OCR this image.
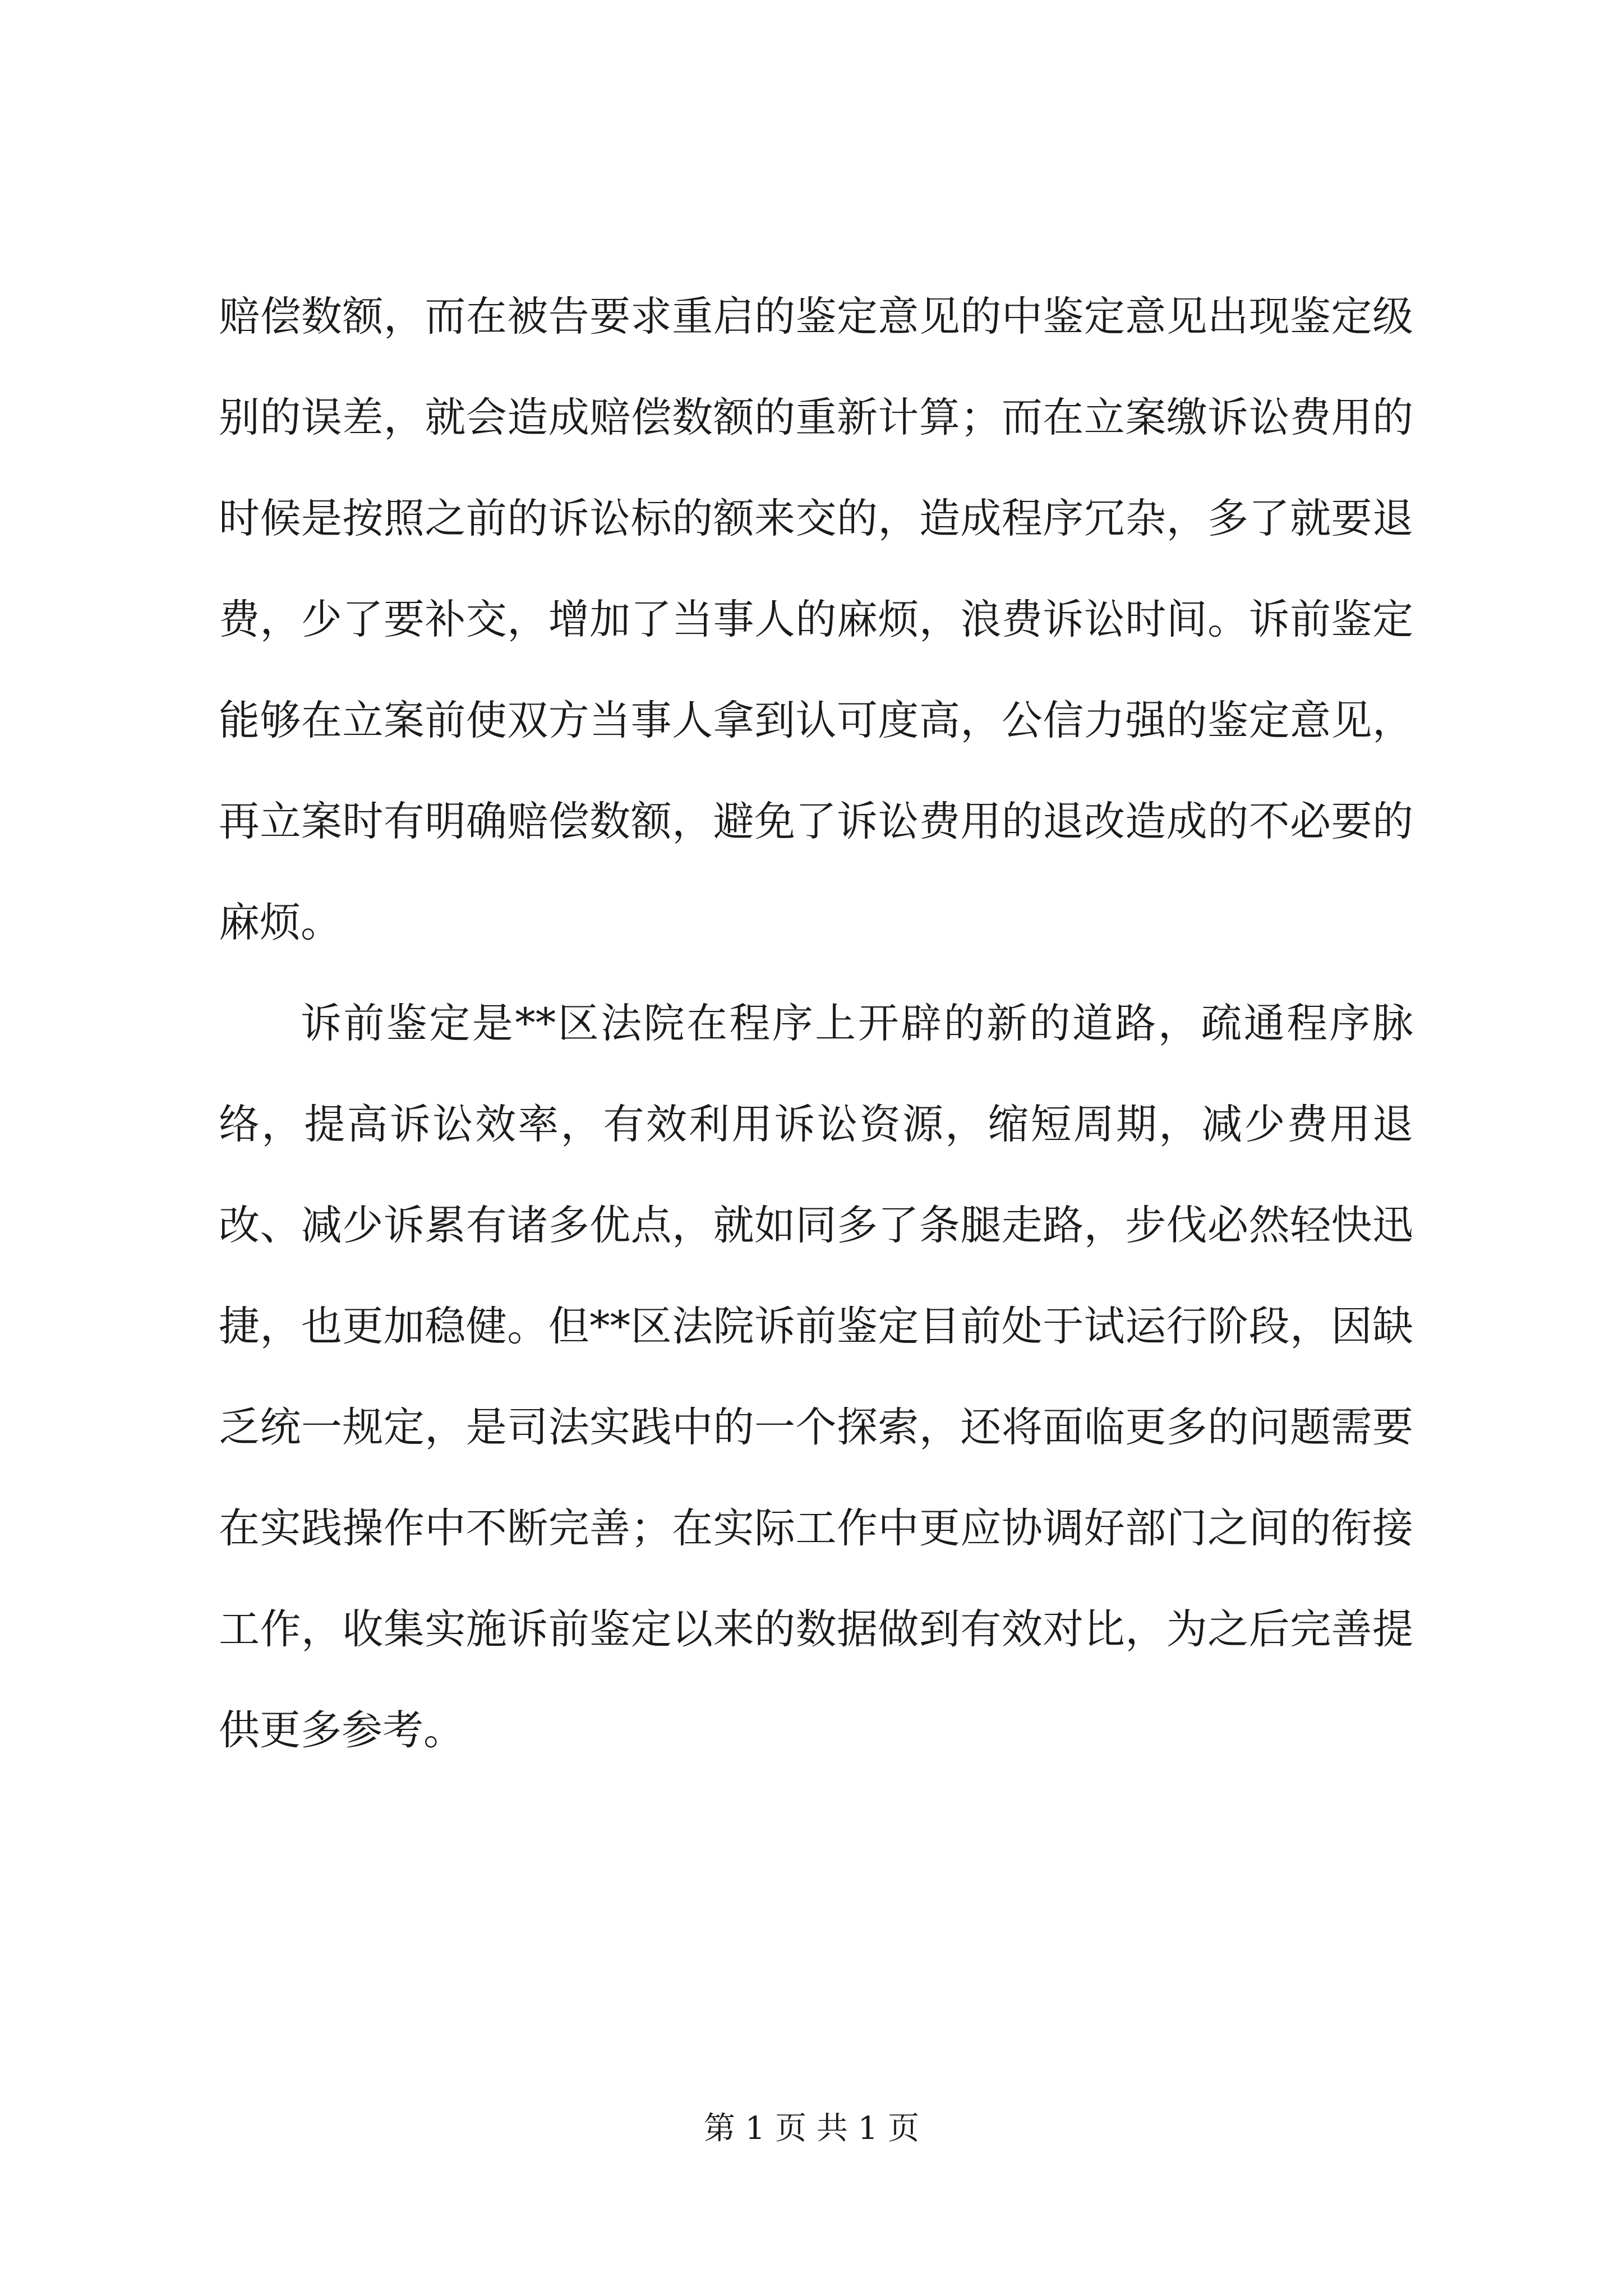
赔偿数额，而在被告要求重启的鉴定意见的中鉴定意见出现鉴定级别的误差，就会造成赔偿数额的重新计算；而在立案缴诉讼费用的时候是按照之前的诉讼标的额来交的，造成程序冗杂，多了就要退费，少了要补交，增加了当事人的麻烦，浪费诉讼时间。诉前鉴定能够在立案前使双方当事人拿到认可度高，公信力强的鉴定意见，再立案时有明确赔偿数额，避免了诉讼费用的退改造成的不必要的麻烦。

诉前鉴定是**区法院在程序上开辟的新的道路，疏通程序脉络，提高诉讼效率，有效利用诉讼资源，缩短周期，减少费用退改、减少诉累有诸多优点，就如同多了条腿走路，步伐必然轻快迅捷，也更加稳健。但**区法院诉前鉴定目前处于试运行阶段，因缺乏统一规定，是司法实践中的一个探索，还将面临更多的问题需要在实践操作中不断完善；在实际工作中更应协调好部门之间的衔接工作，收集实施诉前鉴定以来的数据做到有效对比，为之后完善提供更多参考。

第 1 页 共 1 页
